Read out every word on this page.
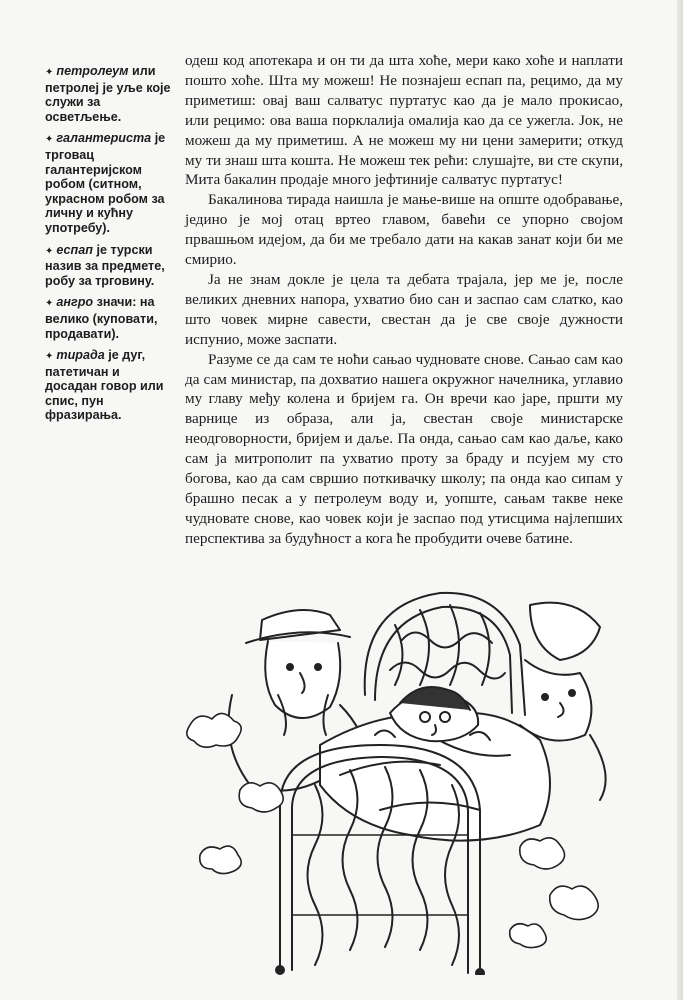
✦ петролеум или петролеј је уље које служи за осветљење.
✦ галантериста је трговац галантеријском робом (ситном, украсном робом за личну и кућну употребу).
✦ еспап је турски назив за предмете, робу за трговину.
✦ ангро значи: на велико (куповати, продавати).
✦ тирада је дуг, патетичан и досадан говор или спис, пун фразирања.

одеш код апотекара и он ти да шта хоће, мери како хоће и наплати пошто хоће. Шта му можеш! Не познаjеш еспап па, рецимо, да му приметиш: овај ваш салватус пуртатус као да је мало прокисао, или рецимо: ова ваша порклалија омалија као да се ужегла. Јок, не можеш да му приметиш. А не можеш му ни цени замерити; откуд му ти знаш шта кошта. Не можеш тек рећи: слушајте, ви сте скупи, Мита бакалин продаје много јефтиније салватус пуртатус!

Бакалинова тирада наишла је мање-више на опште одобравање, једино је мој отац вртео главом, бавећи се упорно својом првашњом идејом, да би ме требало дати на какав занат који би ме смирио.

Ја не знам докле је цела та дебата трајала, јер ме је, после великих дневних напора, ухватио био сан и заспао сам слатко, као што човек мирне савести, свестан да је све своје дужности испунио, може заспати.

Разуме се да сам те ноћи сањао чудноватe снове. Сањао сам као да сам министар, па дохватио нашега окружног начелника, углавио му главу међу колена и бријем га. Он вречи као јаре, пршти му варнице из образа, али ја, свестан своје министарске неодговорности, бријем и даље. Па онда, сањао сам као даље, како сам ја митрополит па ухватио проту за браду и псујем му сто богова, као да сам свршио поткивачку школу; па онда као сипам у брашно песак а у петролеум воду и, уопште, сањам такве неке чудновате снове, као човек који је заспао под утисцима најлепших перспектива за будућност а кога ће пробудити очеве батине.
